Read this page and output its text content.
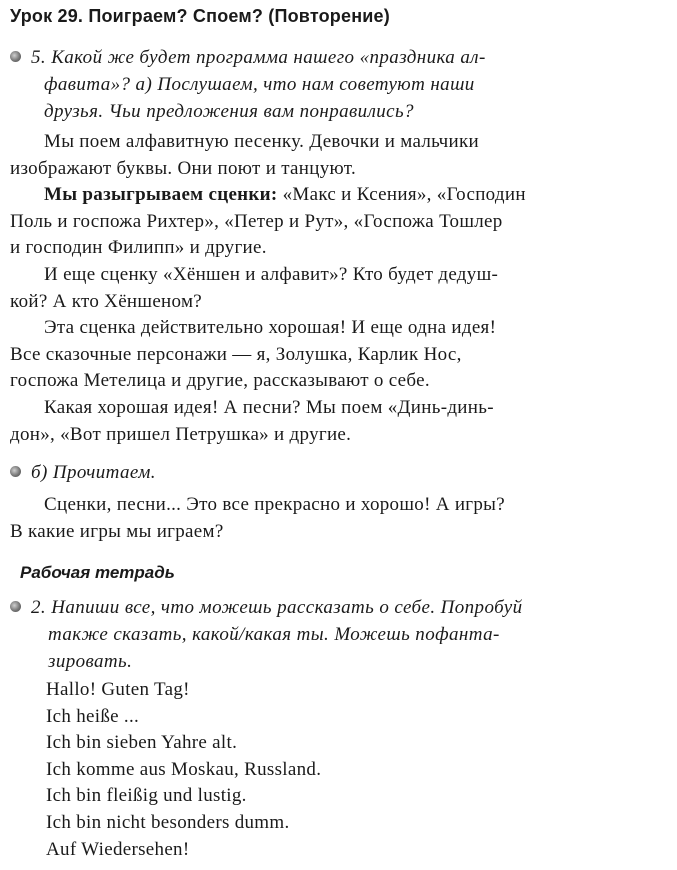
Урок 29. Поиграем? Споем? (Повторение)
5. Какой же будет программа нашего «праздника ал-
фавита»? а) Послушаем, что нам советуют наши
друзья. Чьи предложения вам понравились?
Мы поем алфавитную песенку. Девочки и мальчики
изображают буквы. Они поют и танцуют.
Мы разыгрываем сценки: «Макс и Ксения», «Господин
Поль и госпожа Рихтер», «Петер и Рут», «Госпожа Тошлер
и господин Филипп» и другие.
И еще сценку «Хёншен и алфавит»? Кто будет дедуш-
кой? А кто Хёншеном?
Эта сценка действительно хорошая! И еще одна идея!
Все сказочные персонажи — я, Золушка, Карлик Нос,
госпожа Метелица и другие, рассказывают о себе.
Какая хорошая идея! А песни? Мы поем «Динь-динь-
дон», «Вот пришел Петрушка» и другие.
б) Прочитаем.
Сценки, песни... Это все прекрасно и хорошо! А игры?
В какие игры мы играем?
Рабочая тетрадь
2. Напиши все, что можешь рассказать о себе. Попробуй
также сказать, какой/какая ты. Можешь пофанта-
зировать.
Hallo! Guten Tag!
Ich heiße ...
Ich bin sieben Yahre alt.
Ich komme aus Moskau, Russland.
Ich bin fleißig und lustig.
Ich bin nicht besonders dumm.
Auf Wiedersehen!
